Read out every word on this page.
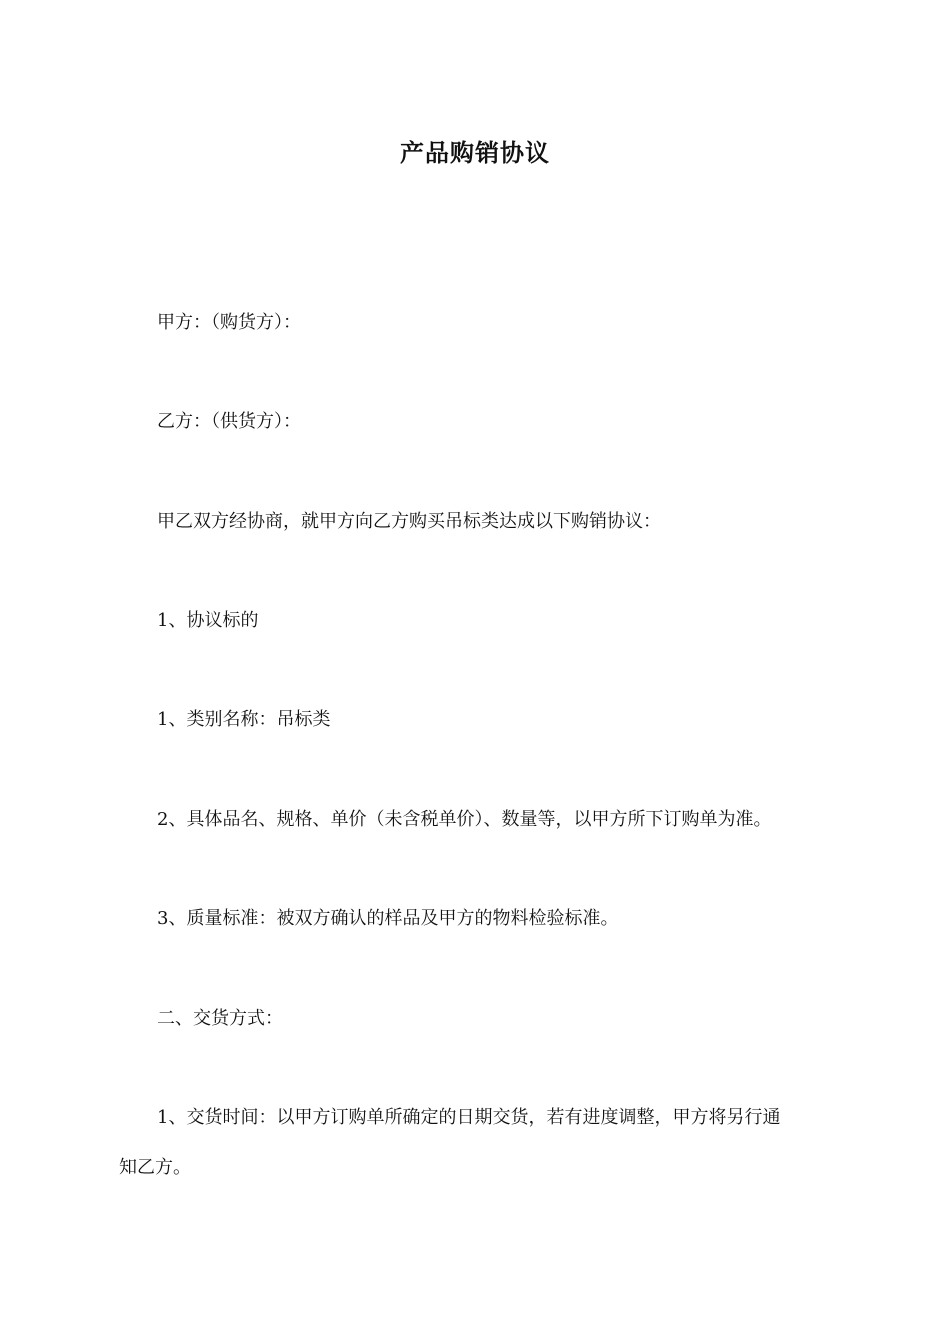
产品购销协议
甲方：（购货方）：
乙方：（供货方）：
甲乙双方经协商，就甲方向乙方购买吊标类达成以下购销协议：
1、协议标的
1、类别名称：吊标类
2、具体品名、规格、单价（未含税单价）、数量等，以甲方所下订购单为准。
3、质量标准：被双方确认的样品及甲方的物料检验标准。
二、交货方式：
1、交货时间：以甲方订购单所确定的日期交货，若有进度调整，甲方将另行通
知乙方。
